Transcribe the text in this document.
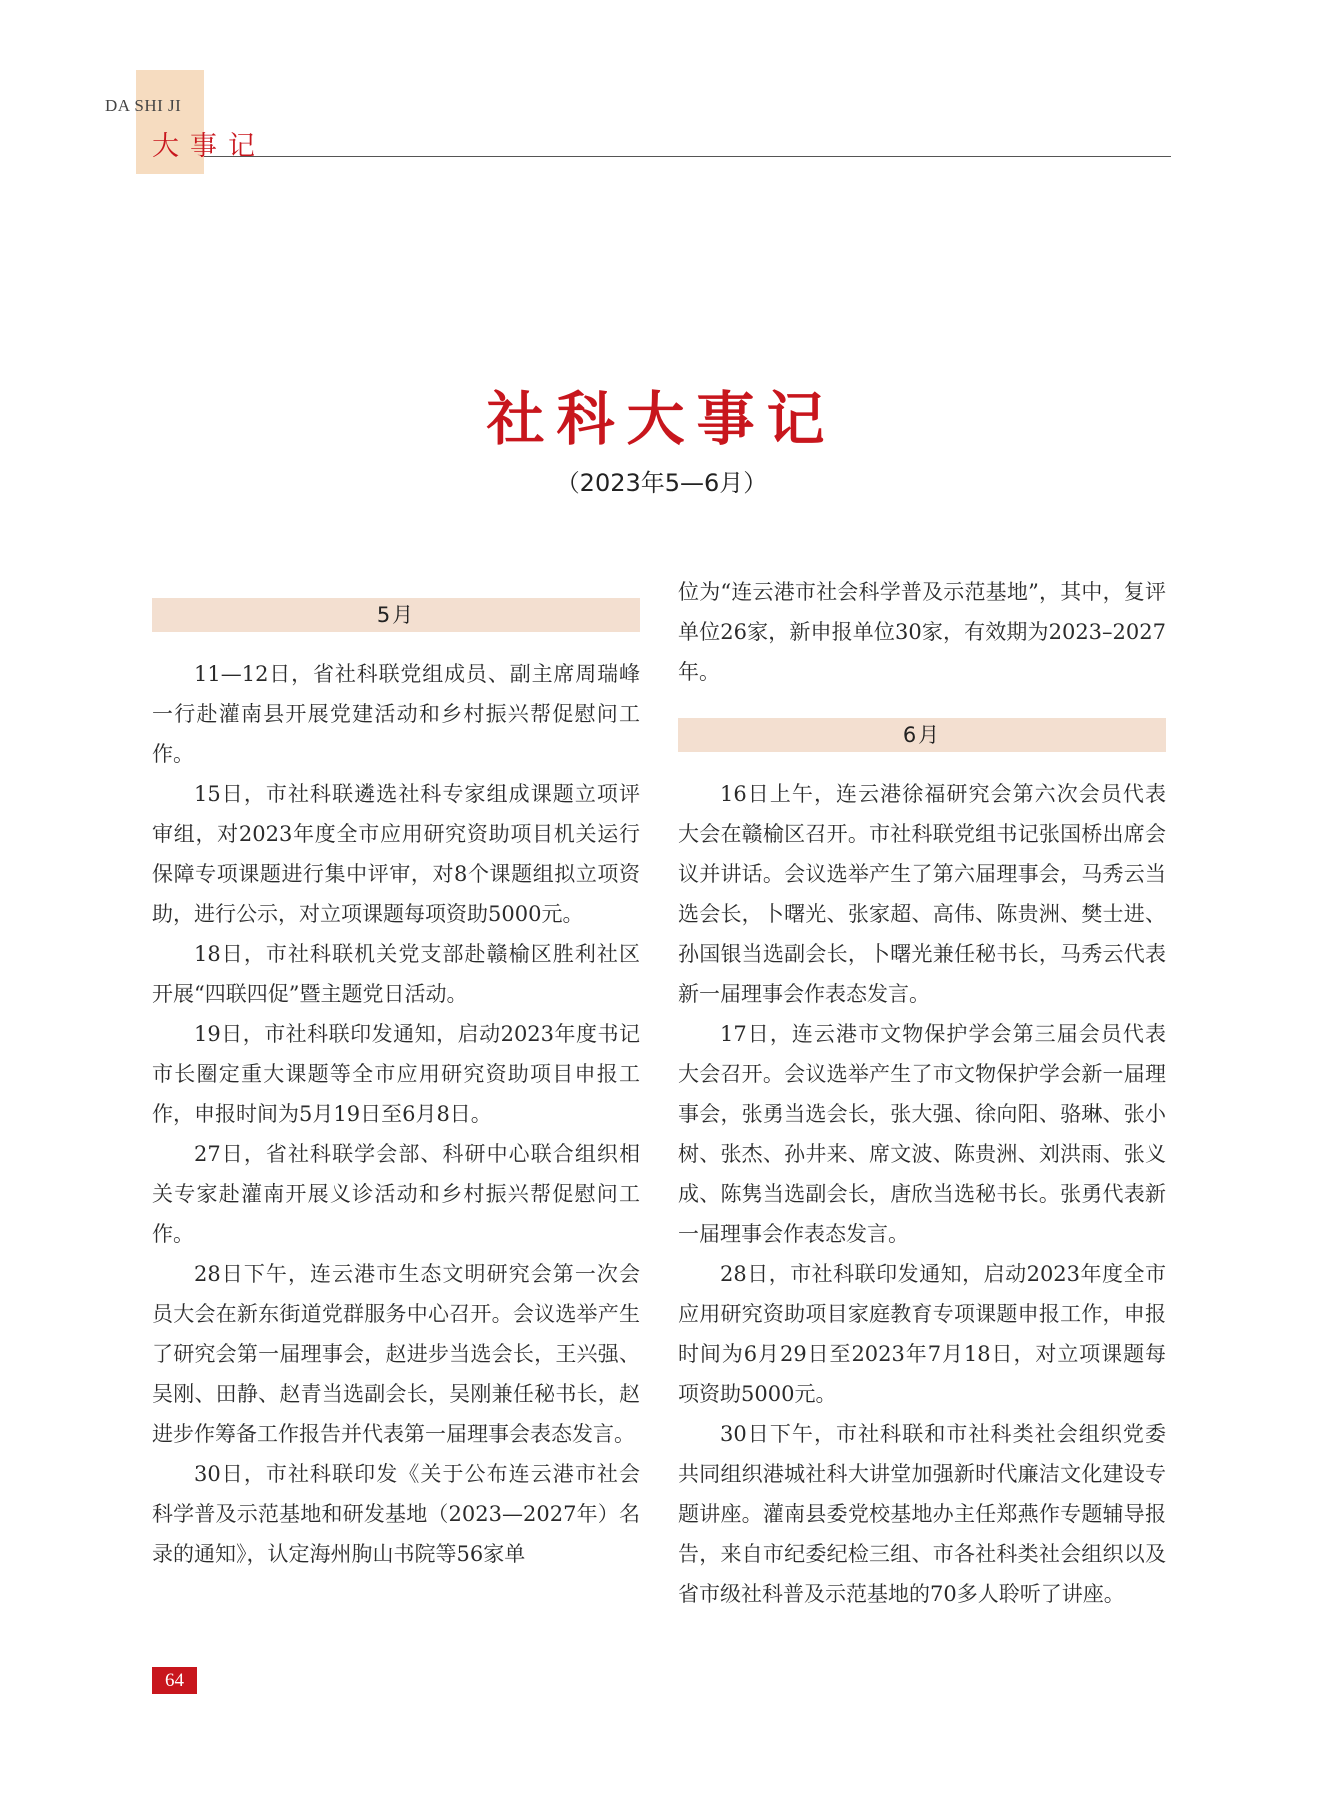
DA SHI JI
大事记
社科大事记
（2023年5—6月）
5月

11—12日，省社科联党组成员、副主席周瑞峰一行赴灌南县开展党建活动和乡村振兴帮促慰问工作。

15日，市社科联遴选社科专家组成课题立项评审组，对2023年度全市应用研究资助项目机关运行保障专项课题进行集中评审，对8个课题组拟立项资助，进行公示，对立项课题每项资助5000元。

18日，市社科联机关党支部赴赣榆区胜利社区开展“四联四促”暨主题党日活动。

19日，市社科联印发通知，启动2023年度书记市长圈定重大课题等全市应用研究资助项目申报工作，申报时间为5月19日至6月8日。

27日，省社科联学会部、科研中心联合组织相关专家赴灌南开展义诊活动和乡村振兴帮促慰问工作。

28日下午，连云港市生态文明研究会第一次会员大会在新东街道党群服务中心召开。会议选举产生了研究会第一届理事会，赵进步当选会长，王兴强、吴刚、田静、赵青当选副会长，吴刚兼任秘书长，赵进步作筹备工作报告并代表第一届理事会表态发言。

30日，市社科联印发《关于公布连云港市社会科学普及示范基地和研发基地（2023—2027年）名录的通知》，认定海州朐山书院等56家单

位为“连云港市社会科学普及示范基地”，其中，复评单位26家，新申报单位30家，有效期为2023–2027年。

6月

16日上午，连云港徐福研究会第六次会员代表大会在赣榆区召开。市社科联党组书记张国桥出席会议并讲话。会议选举产生了第六届理事会，马秀云当选会长，卜曙光、张家超、高伟、陈贵洲、樊士进、孙国银当选副会长，卜曙光兼任秘书长，马秀云代表新一届理事会作表态发言。

17日，连云港市文物保护学会第三届会员代表大会召开。会议选举产生了市文物保护学会新一届理事会，张勇当选会长，张大强、徐向阳、骆琳、张小树、张杰、孙井来、席文波、陈贵洲、刘洪雨、张义成、陈隽当选副会长，唐欣当选秘书长。张勇代表新一届理事会作表态发言。

28日，市社科联印发通知，启动2023年度全市应用研究资助项目家庭教育专项课题申报工作，申报时间为6月29日至2023年7月18日，对立项课题每项资助5000元。

30日下午，市社科联和市社科类社会组织党委共同组织港城社科大讲堂加强新时代廉洁文化建设专题讲座。灌南县委党校基地办主任郑燕作专题辅导报告，来自市纪委纪检三组、市各社科类社会组织以及省市级社科普及示范基地的70多人聆听了讲座。

64
